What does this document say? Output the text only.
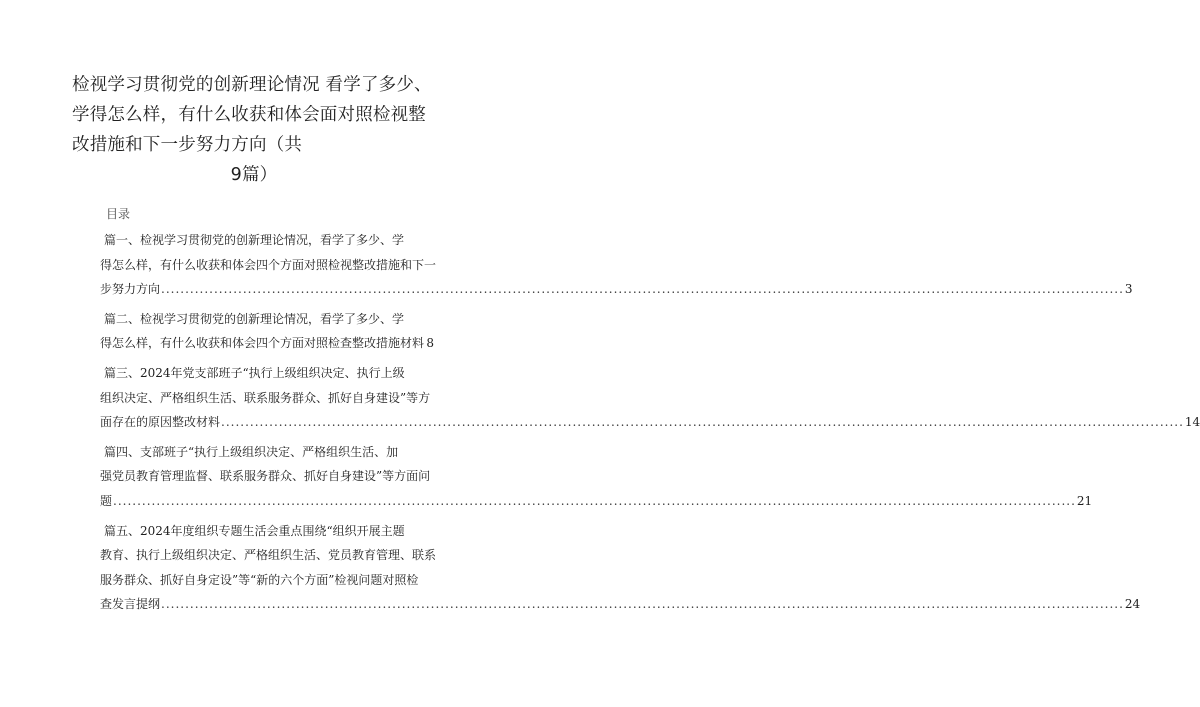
检视学习贯彻党的创新理论情况 看学了多少、
学得怎么样，有什么收获和体会面对照检视整
改措施和下一步努力方向（共
9篇）
目录
篇一、检视学习贯彻党的创新理论情况，看学了多少、学
得怎么样，有什么收获和体会四个方面对照检视整改措施和下一
步努力方向 ........................................................................................................................................................................................................ 3
篇二、检视学习贯彻党的创新理论情况，看学了多少、学
得怎么样，有什么收获和体会四个方面对照检查整改措施材料 8
篇三、2024年党支部班子“执行上级组织决定、执行上级
组织决定、严格组织生活、联系服务群众、抓好自身建设”等方
面存在的原因整改材料 ........................................................................................................................................................................................................ 14
篇四、支部班子“执行上级组织决定、严格组织生活、加
强党员教育管理监督、联系服务群众、抓好自身建设”等方面问
题 ........................................................................................................................................................................................................ 21
篇五、2024年度组织专题生活会重点围绕“组织开展主题
教育、执行上级组织决定、严格组织生活、党员教育管理、联系
服务群众、抓好自身定设”等“新的六个方面”检视问题对照检
查发言提纲 ........................................................................................................................................................................................................ 24
